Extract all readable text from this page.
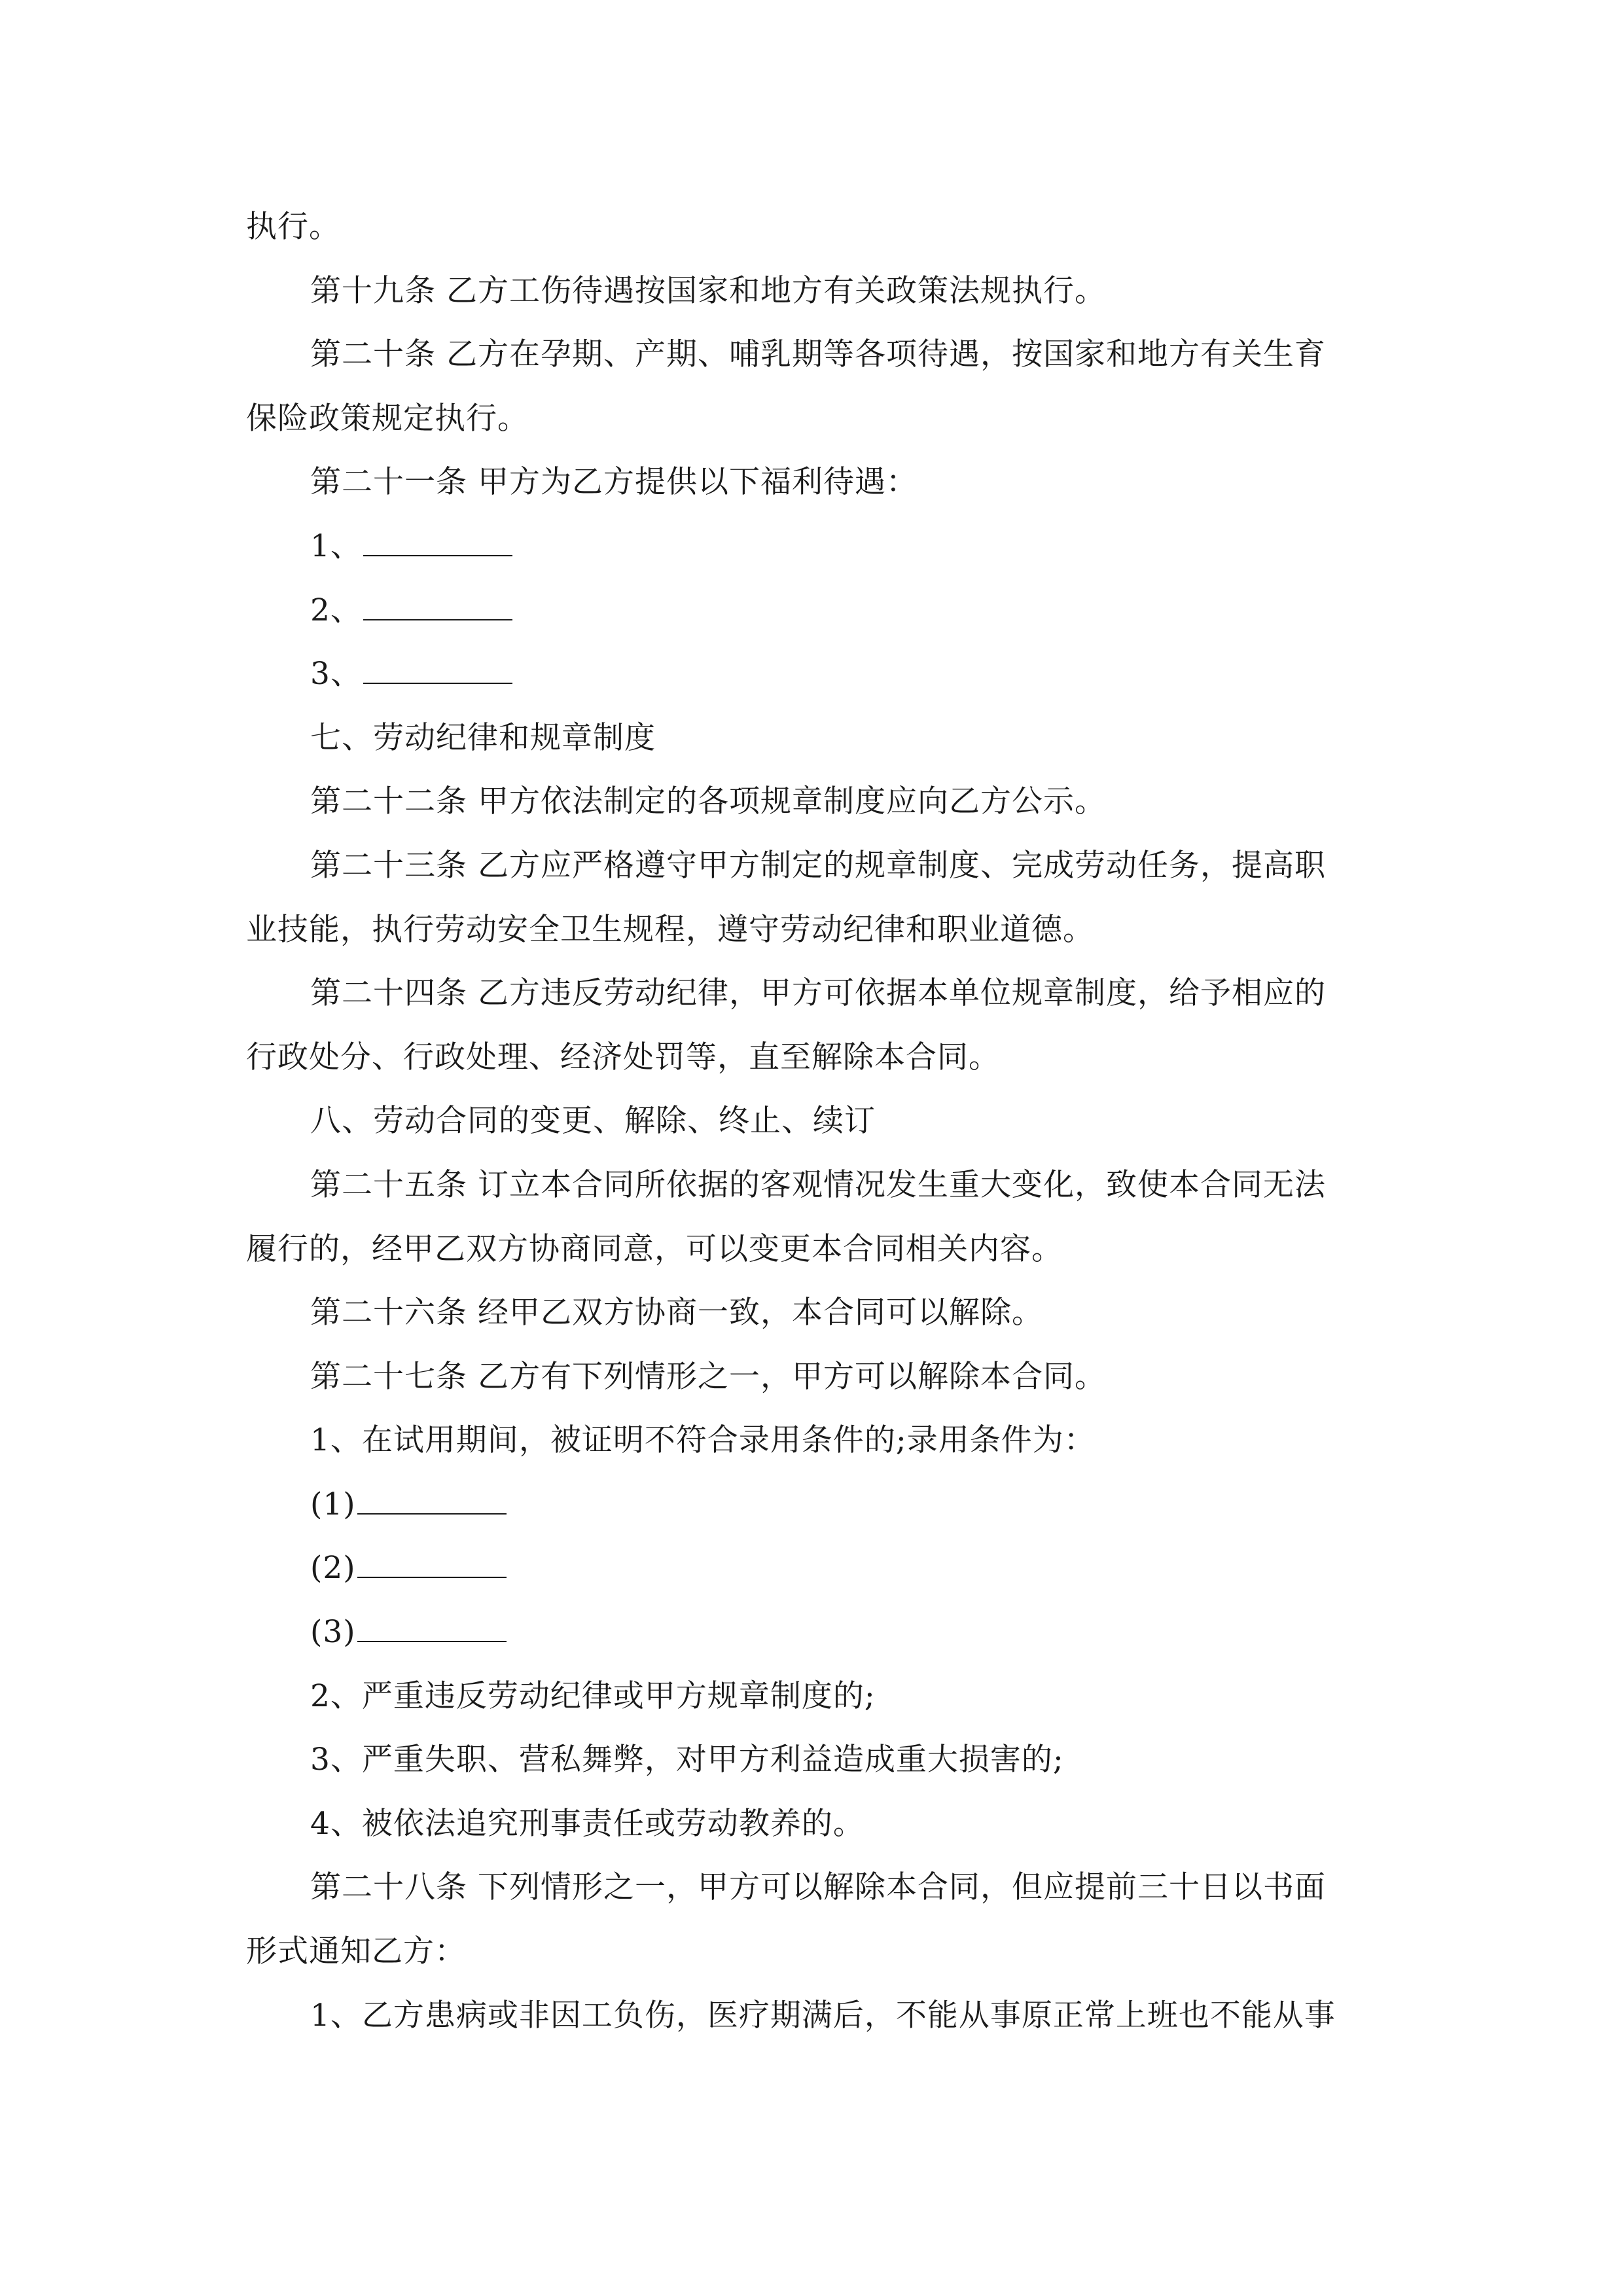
执行。

第十九条 乙方工伤待遇按国家和地方有关政策法规执行。

第二十条 乙方在孕期、产期、哺乳期等各项待遇，按国家和地方有关生育

保险政策规定执行。

第二十一条 甲方为乙方提供以下福利待遇：

1、

2、

3、

七、劳动纪律和规章制度

第二十二条 甲方依法制定的各项规章制度应向乙方公示。

第二十三条 乙方应严格遵守甲方制定的规章制度、完成劳动任务，提高职

业技能，执行劳动安全卫生规程，遵守劳动纪律和职业道德。

第二十四条 乙方违反劳动纪律，甲方可依据本单位规章制度，给予相应的

行政处分、行政处理、经济处罚等，直至解除本合同。

八、劳动合同的变更、解除、终止、续订

第二十五条 订立本合同所依据的客观情况发生重大变化，致使本合同无法

履行的，经甲乙双方协商同意，可以变更本合同相关内容。

第二十六条 经甲乙双方协商一致，本合同可以解除。

第二十七条 乙方有下列情形之一，甲方可以解除本合同。

1、在试用期间，被证明不符合录用条件的;录用条件为：

(1)

(2)

(3)

2、严重违反劳动纪律或甲方规章制度的;

3、严重失职、营私舞弊，对甲方利益造成重大损害的;

4、被依法追究刑事责任或劳动教养的。

第二十八条 下列情形之一，甲方可以解除本合同，但应提前三十日以书面

形式通知乙方：

1、乙方患病或非因工负伤，医疗期满后，不能从事原正常上班也不能从事
